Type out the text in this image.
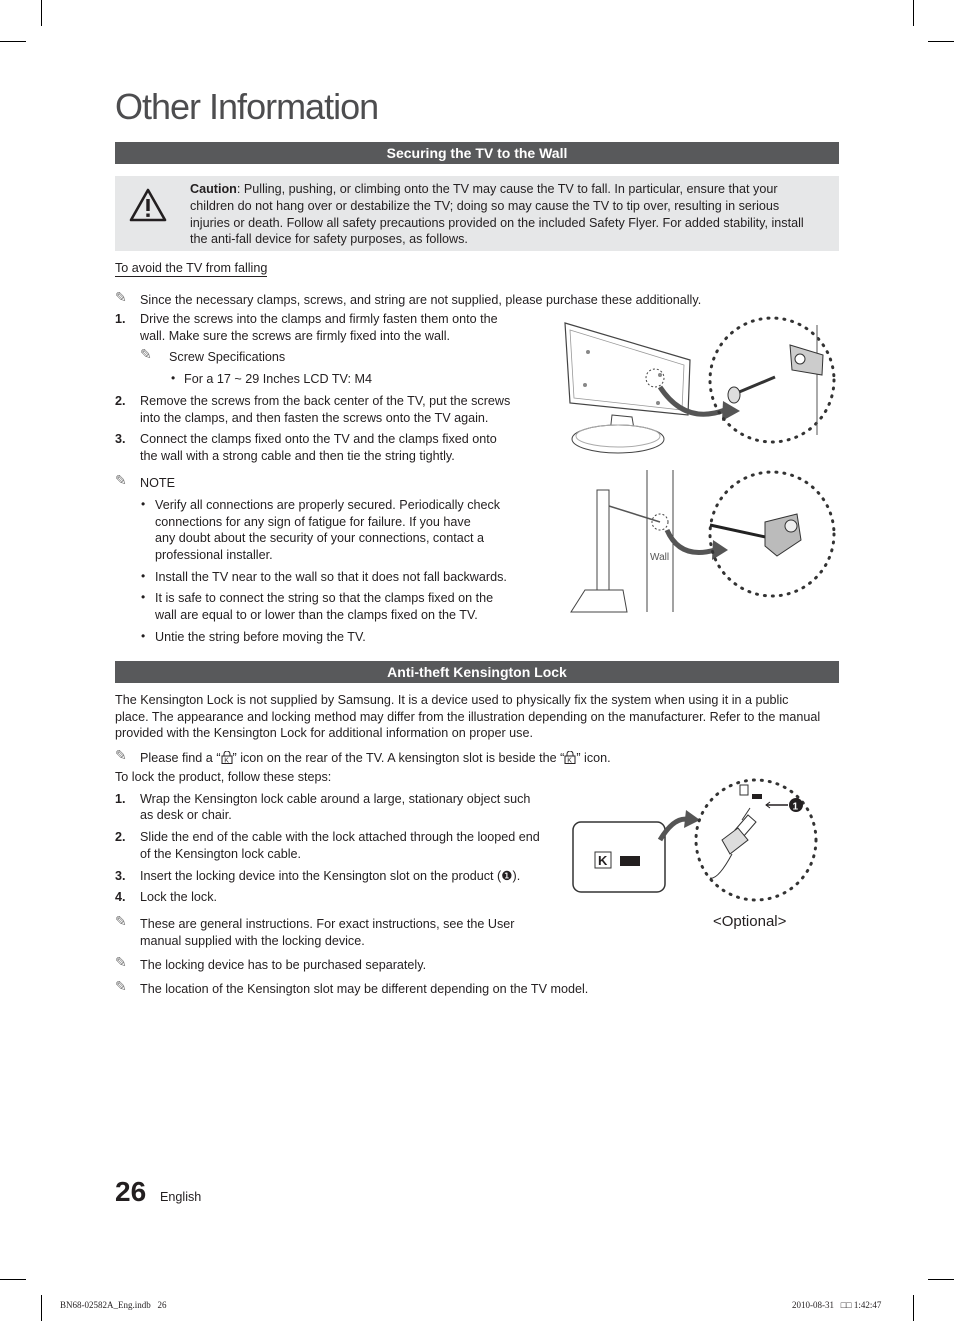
Other Information
Securing the TV to the Wall
Caution: Pulling, pushing, or climbing onto the TV may cause the TV to fall. In particular, ensure that your
children do not hang over or destabilize the TV; doing so may cause the TV to tip over, resulting in serious
injuries or death. Follow all safety precautions provided on the included Safety Flyer. For added stability, install
the anti-fall device for safety purposes, as follows.
To avoid the TV from falling
✎ Since the necessary clamps, screws, and string are not supplied, please purchase these additionally.
1. Drive the screws into the clamps and firmly fasten them onto the
wall. Make sure the screws are firmly fixed into the wall.
✎ Screw Specifications
• For a 17 ~ 29 Inches LCD TV: M4
2. Remove the screws from the back center of the TV, put the screws
into the clamps, and then fasten the screws onto the TV again.
3. Connect the clamps fixed onto the TV and the clamps fixed onto
the wall with a strong cable and then tie the string tightly.
✎ NOTE
• Verify all connections are properly secured. Periodically check
connections for any sign of fatigue for failure. If you have
any doubt about the security of your connections, contact a
professional installer.
• Install the TV near to the wall so that it does not fall backwards.
• It is safe to connect the string so that the clamps fixed on the
wall are equal to or lower than the clamps fixed on the TV.
• Untie the string before moving the TV.
Wall
Anti-theft Kensington Lock
The Kensington Lock is not supplied by Samsung. It is a device used to physically fix the system when using it in a public
place. The appearance and locking method may differ from the illustration depending on the manufacturer. Refer to the manual
provided with the Kensington Lock for additional information on proper use.
✎ Please find a “ K ” icon on the rear of the TV. A kensington slot is beside the “ K ” icon.
To lock the product, follow these steps:
1. Wrap the Kensington lock cable around a large, stationary object such
as desk or chair.
2. Slide the end of the cable with the lock attached through the looped end
of the Kensington lock cable.
3. Insert the locking device into the Kensington slot on the product (❶).
4. Lock the lock.
✎ These are general instructions. For exact instructions, see the User
manual supplied with the locking device.
✎ The locking device has to be purchased separately.
✎ The location of the Kensington slot may be different depending on the TV model.
K
1
<Optional>
26 English
BN68-02582A_Eng.indb   26	2010-08-31   □□ 1:42:47
